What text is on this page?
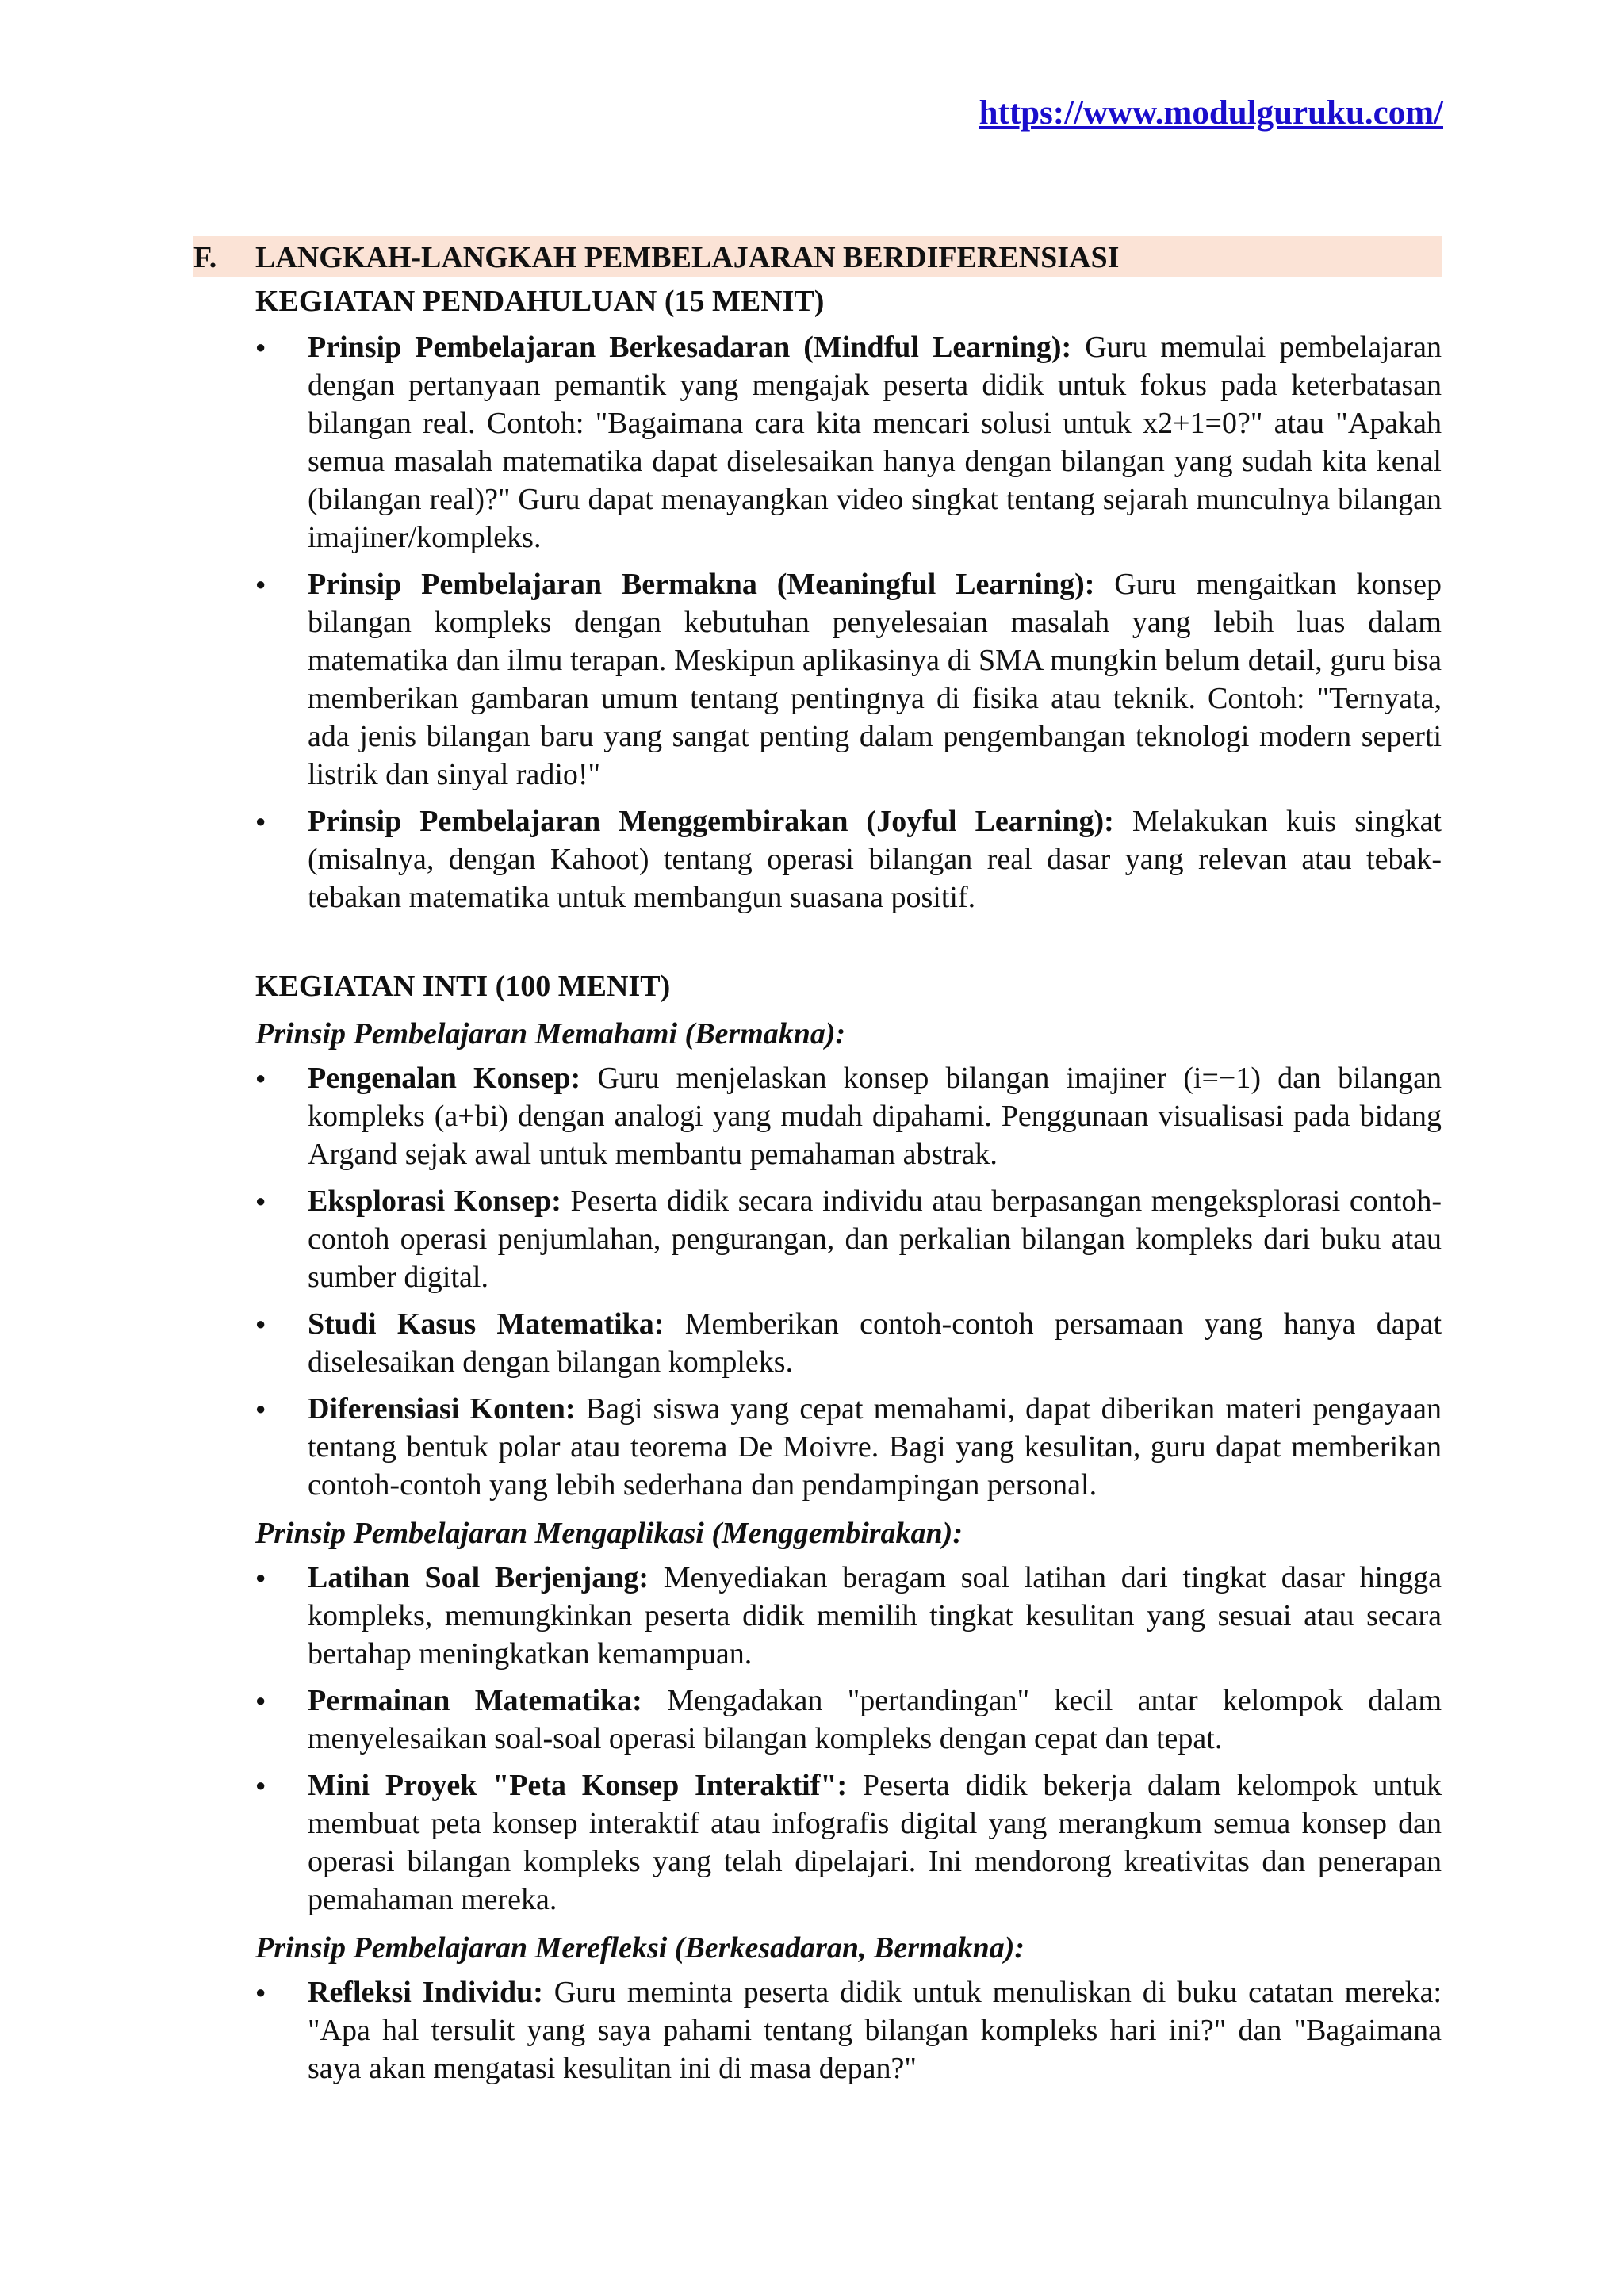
https://www.modulguruku.com/
F.	LANGKAH-LANGKAH PEMBELAJARAN BERDIFERENSIASI
KEGIATAN PENDAHULUAN (15 MENIT)
● Prinsip Pembelajaran Berkesadaran (Mindful Learning): Guru memulai pembelajaran dengan pertanyaan pemantik yang mengajak peserta didik untuk fokus pada keterbatasan bilangan real. Contoh: "Bagaimana cara kita mencari solusi untuk x2+1=0?" atau "Apakah semua masalah matematika dapat diselesaikan hanya dengan bilangan yang sudah kita kenal (bilangan real)?" Guru dapat menayangkan video singkat tentang sejarah munculnya bilangan imajiner/kompleks.
● Prinsip Pembelajaran Bermakna (Meaningful Learning): Guru mengaitkan konsep bilangan kompleks dengan kebutuhan penyelesaian masalah yang lebih luas dalam matematika dan ilmu terapan. Meskipun aplikasinya di SMA mungkin belum detail, guru bisa memberikan gambaran umum tentang pentingnya di fisika atau teknik. Contoh: "Ternyata, ada jenis bilangan baru yang sangat penting dalam pengembangan teknologi modern seperti listrik dan sinyal radio!"
● Prinsip Pembelajaran Menggembirakan (Joyful Learning): Melakukan kuis singkat (misalnya, dengan Kahoot) tentang operasi bilangan real dasar yang relevan atau tebak-tebakan matematika untuk membangun suasana positif.
KEGIATAN INTI (100 MENIT)
Prinsip Pembelajaran Memahami (Bermakna):
● Pengenalan Konsep: Guru menjelaskan konsep bilangan imajiner (i=−1) dan bilangan kompleks (a+bi) dengan analogi yang mudah dipahami. Penggunaan visualisasi pada bidang Argand sejak awal untuk membantu pemahaman abstrak.
● Eksplorasi Konsep: Peserta didik secara individu atau berpasangan mengeksplorasi contoh-contoh operasi penjumlahan, pengurangan, dan perkalian bilangan kompleks dari buku atau sumber digital.
● Studi Kasus Matematika: Memberikan contoh-contoh persamaan yang hanya dapat diselesaikan dengan bilangan kompleks.
● Diferensiasi Konten: Bagi siswa yang cepat memahami, dapat diberikan materi pengayaan tentang bentuk polar atau teorema De Moivre. Bagi yang kesulitan, guru dapat memberikan contoh-contoh yang lebih sederhana dan pendampingan personal.
Prinsip Pembelajaran Mengaplikasi (Menggembirakan):
● Latihan Soal Berjenjang: Menyediakan beragam soal latihan dari tingkat dasar hingga kompleks, memungkinkan peserta didik memilih tingkat kesulitan yang sesuai atau secara bertahap meningkatkan kemampuan.
● Permainan Matematika: Mengadakan "pertandingan" kecil antar kelompok dalam menyelesaikan soal-soal operasi bilangan kompleks dengan cepat dan tepat.
● Mini Proyek "Peta Konsep Interaktif": Peserta didik bekerja dalam kelompok untuk membuat peta konsep interaktif atau infografis digital yang merangkum semua konsep dan operasi bilangan kompleks yang telah dipelajari. Ini mendorong kreativitas dan penerapan pemahaman mereka.
Prinsip Pembelajaran Merefleksi (Berkesadaran, Bermakna):
● Refleksi Individu: Guru meminta peserta didik untuk menuliskan di buku catatan mereka: "Apa hal tersulit yang saya pahami tentang bilangan kompleks hari ini?" dan "Bagaimana saya akan mengatasi kesulitan ini di masa depan?"
